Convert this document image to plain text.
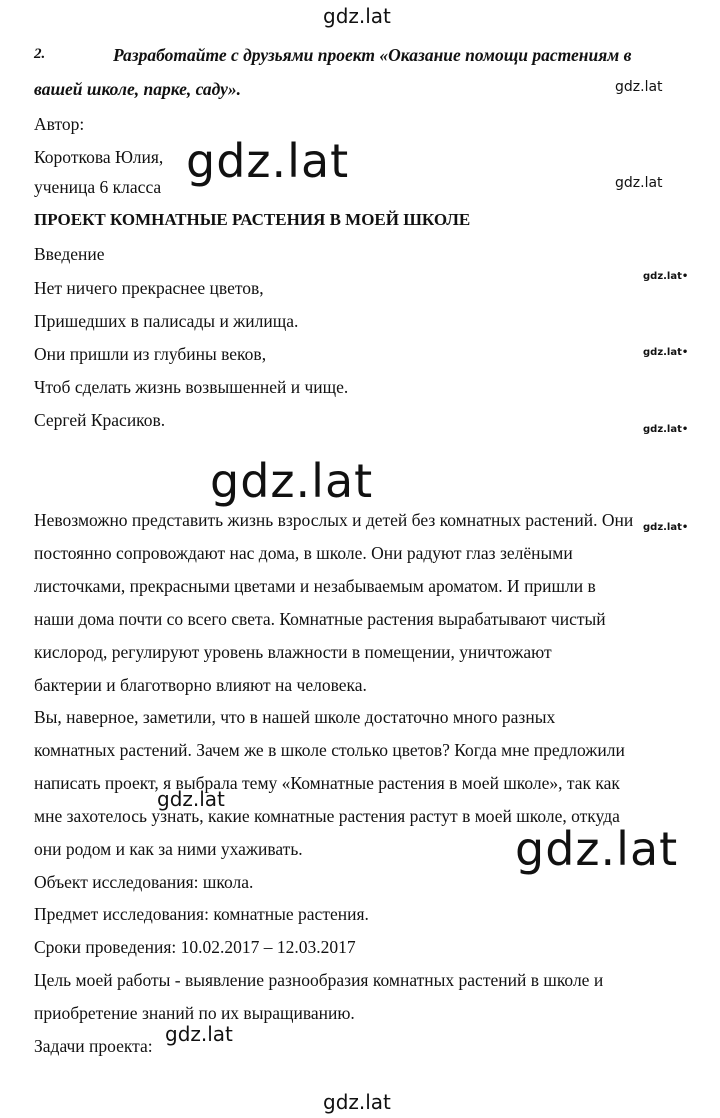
gdz.lat
gdz.lat
2.	Разработайте с друзьями проект «Оказание помощи растениям в

вашей школе, парке, саду».

Автор:

Короткова Юлия,

ученица 6 класса

ПРОЕКТ КОМНАТНЫЕ РАСТЕНИЯ В МОЕЙ ШКОЛЕ

Введение

Нет ничего прекраснее цветов,

Пришедших в палисады и жилища.

Они пришли из глубины веков,

Чтоб сделать жизнь возвышенней и чище.

Сергей Красиков.

Невозможно представить жизнь взрослых и детей без комнатных растений. Они

постоянно сопровождают нас дома, в школе. Они радуют глаз зелёными

листочками, прекрасными цветами и незабываемым ароматом. И пришли в

наши дома почти со всего света. Комнатные растения вырабатывают чистый

кислород, регулируют уровень влажности в помещении, уничтожают

бактерии и благотворно влияют на человека.

Вы, наверное, заметили, что в нашей школе достаточно много разных

комнатных растений. Зачем же в школе столько цветов? Когда мне предложили

написать проект, я выбрала тему «Комнатные растения в моей школе», так как

мне захотелось узнать, какие комнатные растения растут в моей школе, откуда

они родом и как за ними ухаживать.

Объект исследования: школа.

Предмет исследования: комнатные растения.

Сроки проведения: 10.02.2017 – 12.03.2017

Цель моей работы - выявление разнообразия комнатных растений в школе и

приобретение знаний по их выращиванию.

Задачи проекта:

gdz.lat
gdz.lat	gdz.lat
gdz.lat•
gdz.lat•
gdz.lat•
gdz.lat
gdz.lat•
gdz.lat
gdz.lat
gdz.lat
